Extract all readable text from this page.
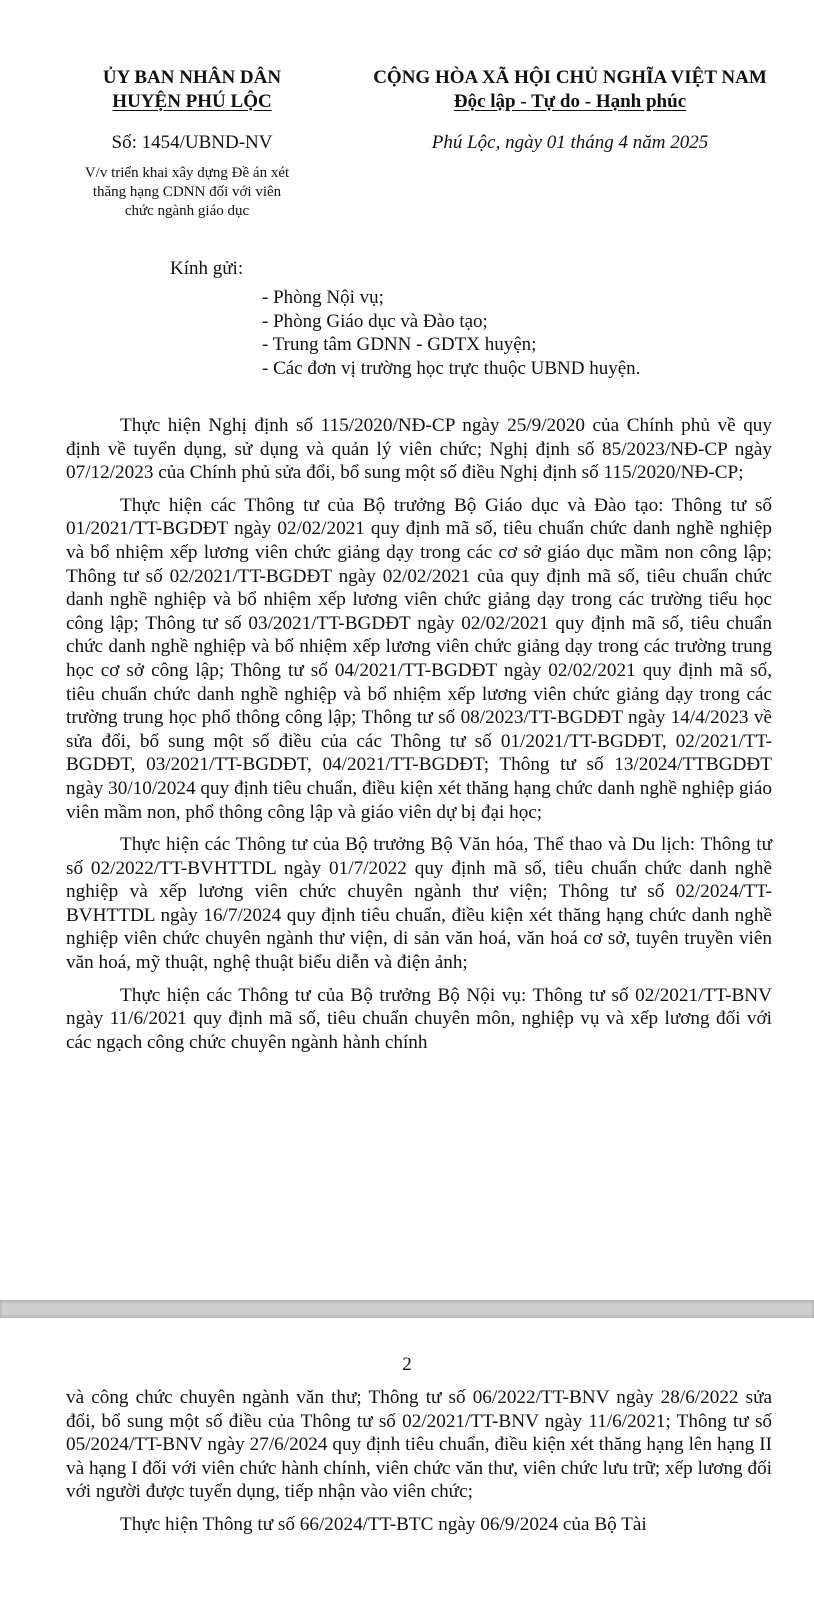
ỦY BAN NHÂN DÂN
HUYỆN PHÚ LỘC
CỘNG HÒA XÃ HỘI CHỦ NGHĨA VIỆT NAM
Độc lập - Tự do - Hạnh phúc
Số: 1454/UBND-NV	Phú Lộc, ngày 01 tháng 4 năm 2025
V/v triển khai xây dựng Đề án xét
thăng hạng CDNN đối với viên
chức ngành giáo dục
Kính gửi:
- Phòng Nội vụ;
- Phòng Giáo dục và Đào tạo;
- Trung tâm GDNN - GDTX huyện;
- Các đơn vị trường học trực thuộc UBND huyện.

Thực hiện Nghị định số 115/2020/NĐ-CP ngày 25/9/2020 của Chính phủ về quy định về tuyển dụng, sử dụng và quản lý viên chức; Nghị định số 85/2023/NĐ-CP ngày 07/12/2023 của Chính phủ sửa đổi, bổ sung một số điều Nghị định số 115/2020/NĐ-CP;

Thực hiện các Thông tư của Bộ trưởng Bộ Giáo dục và Đào tạo: Thông tư số 01/2021/TT-BGDĐT ngày 02/02/2021 quy định mã số, tiêu chuẩn chức danh nghề nghiệp và bổ nhiệm xếp lương viên chức giảng dạy trong các cơ sở giáo dục mầm non công lập; Thông tư số 02/2021/TT-BGDĐT ngày 02/02/2021 của quy định mã số, tiêu chuẩn chức danh nghề nghiệp và bổ nhiệm xếp lương viên chức giảng dạy trong các trường tiểu học công lập; Thông tư số 03/2021/TT-BGDĐT ngày 02/02/2021 quy định mã số, tiêu chuẩn chức danh nghề nghiệp và bổ nhiệm xếp lương viên chức giảng dạy trong các trường trung học cơ sở công lập; Thông tư số 04/2021/TT-BGDĐT ngày 02/02/2021 quy định mã số, tiêu chuẩn chức danh nghề nghiệp và bổ nhiệm xếp lương viên chức giảng dạy trong các trường trung học phổ thông công lập; Thông tư số 08/2023/TT-BGDĐT ngày 14/4/2023 về sửa đổi, bổ sung một số điều của các Thông tư số 01/2021/TT-BGDĐT, 02/2021/TT-BGDĐT, 03/2021/TT-BGDĐT, 04/2021/TT-BGDĐT; Thông tư số 13/2024/TTBGDĐT ngày 30/10/2024 quy định tiêu chuẩn, điều kiện xét thăng hạng chức danh nghề nghiệp giáo viên mầm non, phổ thông công lập và giáo viên dự bị đại học;

Thực hiện các Thông tư của Bộ trưởng Bộ Văn hóa, Thể thao và Du lịch: Thông tư số 02/2022/TT-BVHTTDL ngày 01/7/2022 quy định mã số, tiêu chuẩn chức danh nghề nghiệp và xếp lương viên chức chuyên ngành thư viện; Thông tư số 02/2024/TT-BVHTTDL ngày 16/7/2024 quy định tiêu chuẩn, điều kiện xét thăng hạng chức danh nghề nghiệp viên chức chuyên ngành thư viện, di sản văn hoá, văn hoá cơ sở, tuyên truyền viên văn hoá, mỹ thuật, nghệ thuật biểu diễn và điện ảnh;

Thực hiện các Thông tư của Bộ trưởng Bộ Nội vụ: Thông tư số 02/2021/TT-BNV ngày 11/6/2021 quy định mã số, tiêu chuẩn chuyên môn, nghiệp vụ và xếp lương đối với các ngạch công chức chuyên ngành hành chính

2

và công chức chuyên ngành văn thư; Thông tư số 06/2022/TT-BNV ngày 28/6/2022 sửa đổi, bổ sung một số điều của Thông tư số 02/2021/TT-BNV ngày 11/6/2021; Thông tư số 05/2024/TT-BNV ngày 27/6/2024 quy định tiêu chuẩn, điều kiện xét thăng hạng lên hạng II và hạng I đối với viên chức hành chính, viên chức văn thư, viên chức lưu trữ; xếp lương đối với người được tuyển dụng, tiếp nhận vào viên chức;

Thực hiện Thông tư số 66/2024/TT-BTC ngày 06/9/2024 của Bộ Tài
